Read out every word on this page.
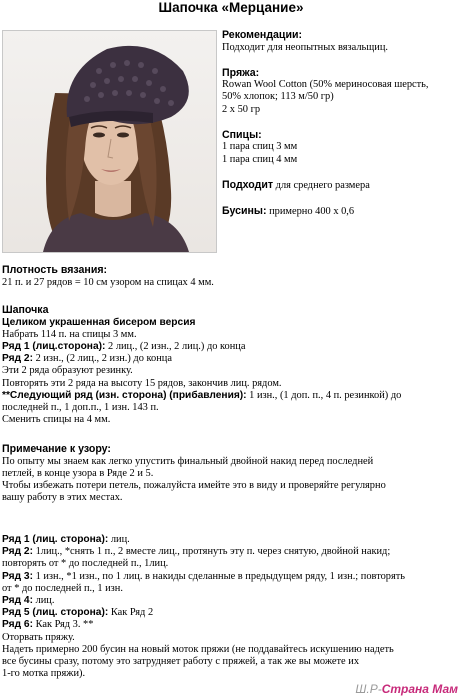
Шапочка «Мерцание»
Рекомендации:
Подходит для неопытных вязальщиц.
Пряжа:
Rowan Wool Cotton (50% мериносовая шерсть,
50% хлопок; 113 м/50 гр)
2 x 50 гр
Спицы:
1 пара спиц 3 мм
1 пара спиц 4 мм
Подходит для среднего размера
Бусины: примерно 400 х 0,6
Плотность вязания:
21 п. и 27 рядов = 10 см узором на спицах 4 мм.
Шапочка
Целиком украшенная бисером версия
Набрать 114 п. на спицы 3 мм.
Ряд 1 (лиц.сторона): 2 лиц., (2 изн., 2 лиц.) до конца
Ряд 2: 2 изн., (2 лиц., 2 изн.) до конца
Эти 2 ряда образуют резинку.
Повторять эти 2 ряда на высоту 15 рядов, закончив лиц. рядом.
**Следующий ряд (изн. сторона) (прибавления): 1 изн., (1 доп. п., 4 п. резинкой) до
последней п., 1 доп.п., 1 изн. 143 п.
Сменить спицы на 4 мм.
Примечание к узору:
По опыту мы знаем как легко упустить финальный двойной накид перед последней
петлей, в конце узора в Ряде 2 и 5.
Чтобы избежать потери петель, пожалуйста имейте это в виду и проверяйте регулярно
вашу работу в этих местах.
Ряд 1 (лиц. сторона): лиц.
Ряд 2: 1лиц., *снять 1 п., 2 вместе лиц., протянуть эту п. через снятую, двойной накид;
повторять от * до последней п., 1лиц.
Ряд 3: 1 изн., *1 изн., по 1 лиц. в накиды сделанные в предыдущем ряду, 1 изн.; повторять
от * до последней п., 1 изн.
Ряд 4: лиц.
Ряд 5 (лиц. сторона): Как Ряд 2
Ряд 6: Как Ряд 3. **
Оторвать пряжу.
Надеть примерно 200 бусин на новый моток пряжи (не поддавайтесь искушению надеть
все бусины сразу, потому это затрудняет работу с пряжей, а так же вы можете их
1-го мотка пряжи).
Ш.Р-Страна Мам
